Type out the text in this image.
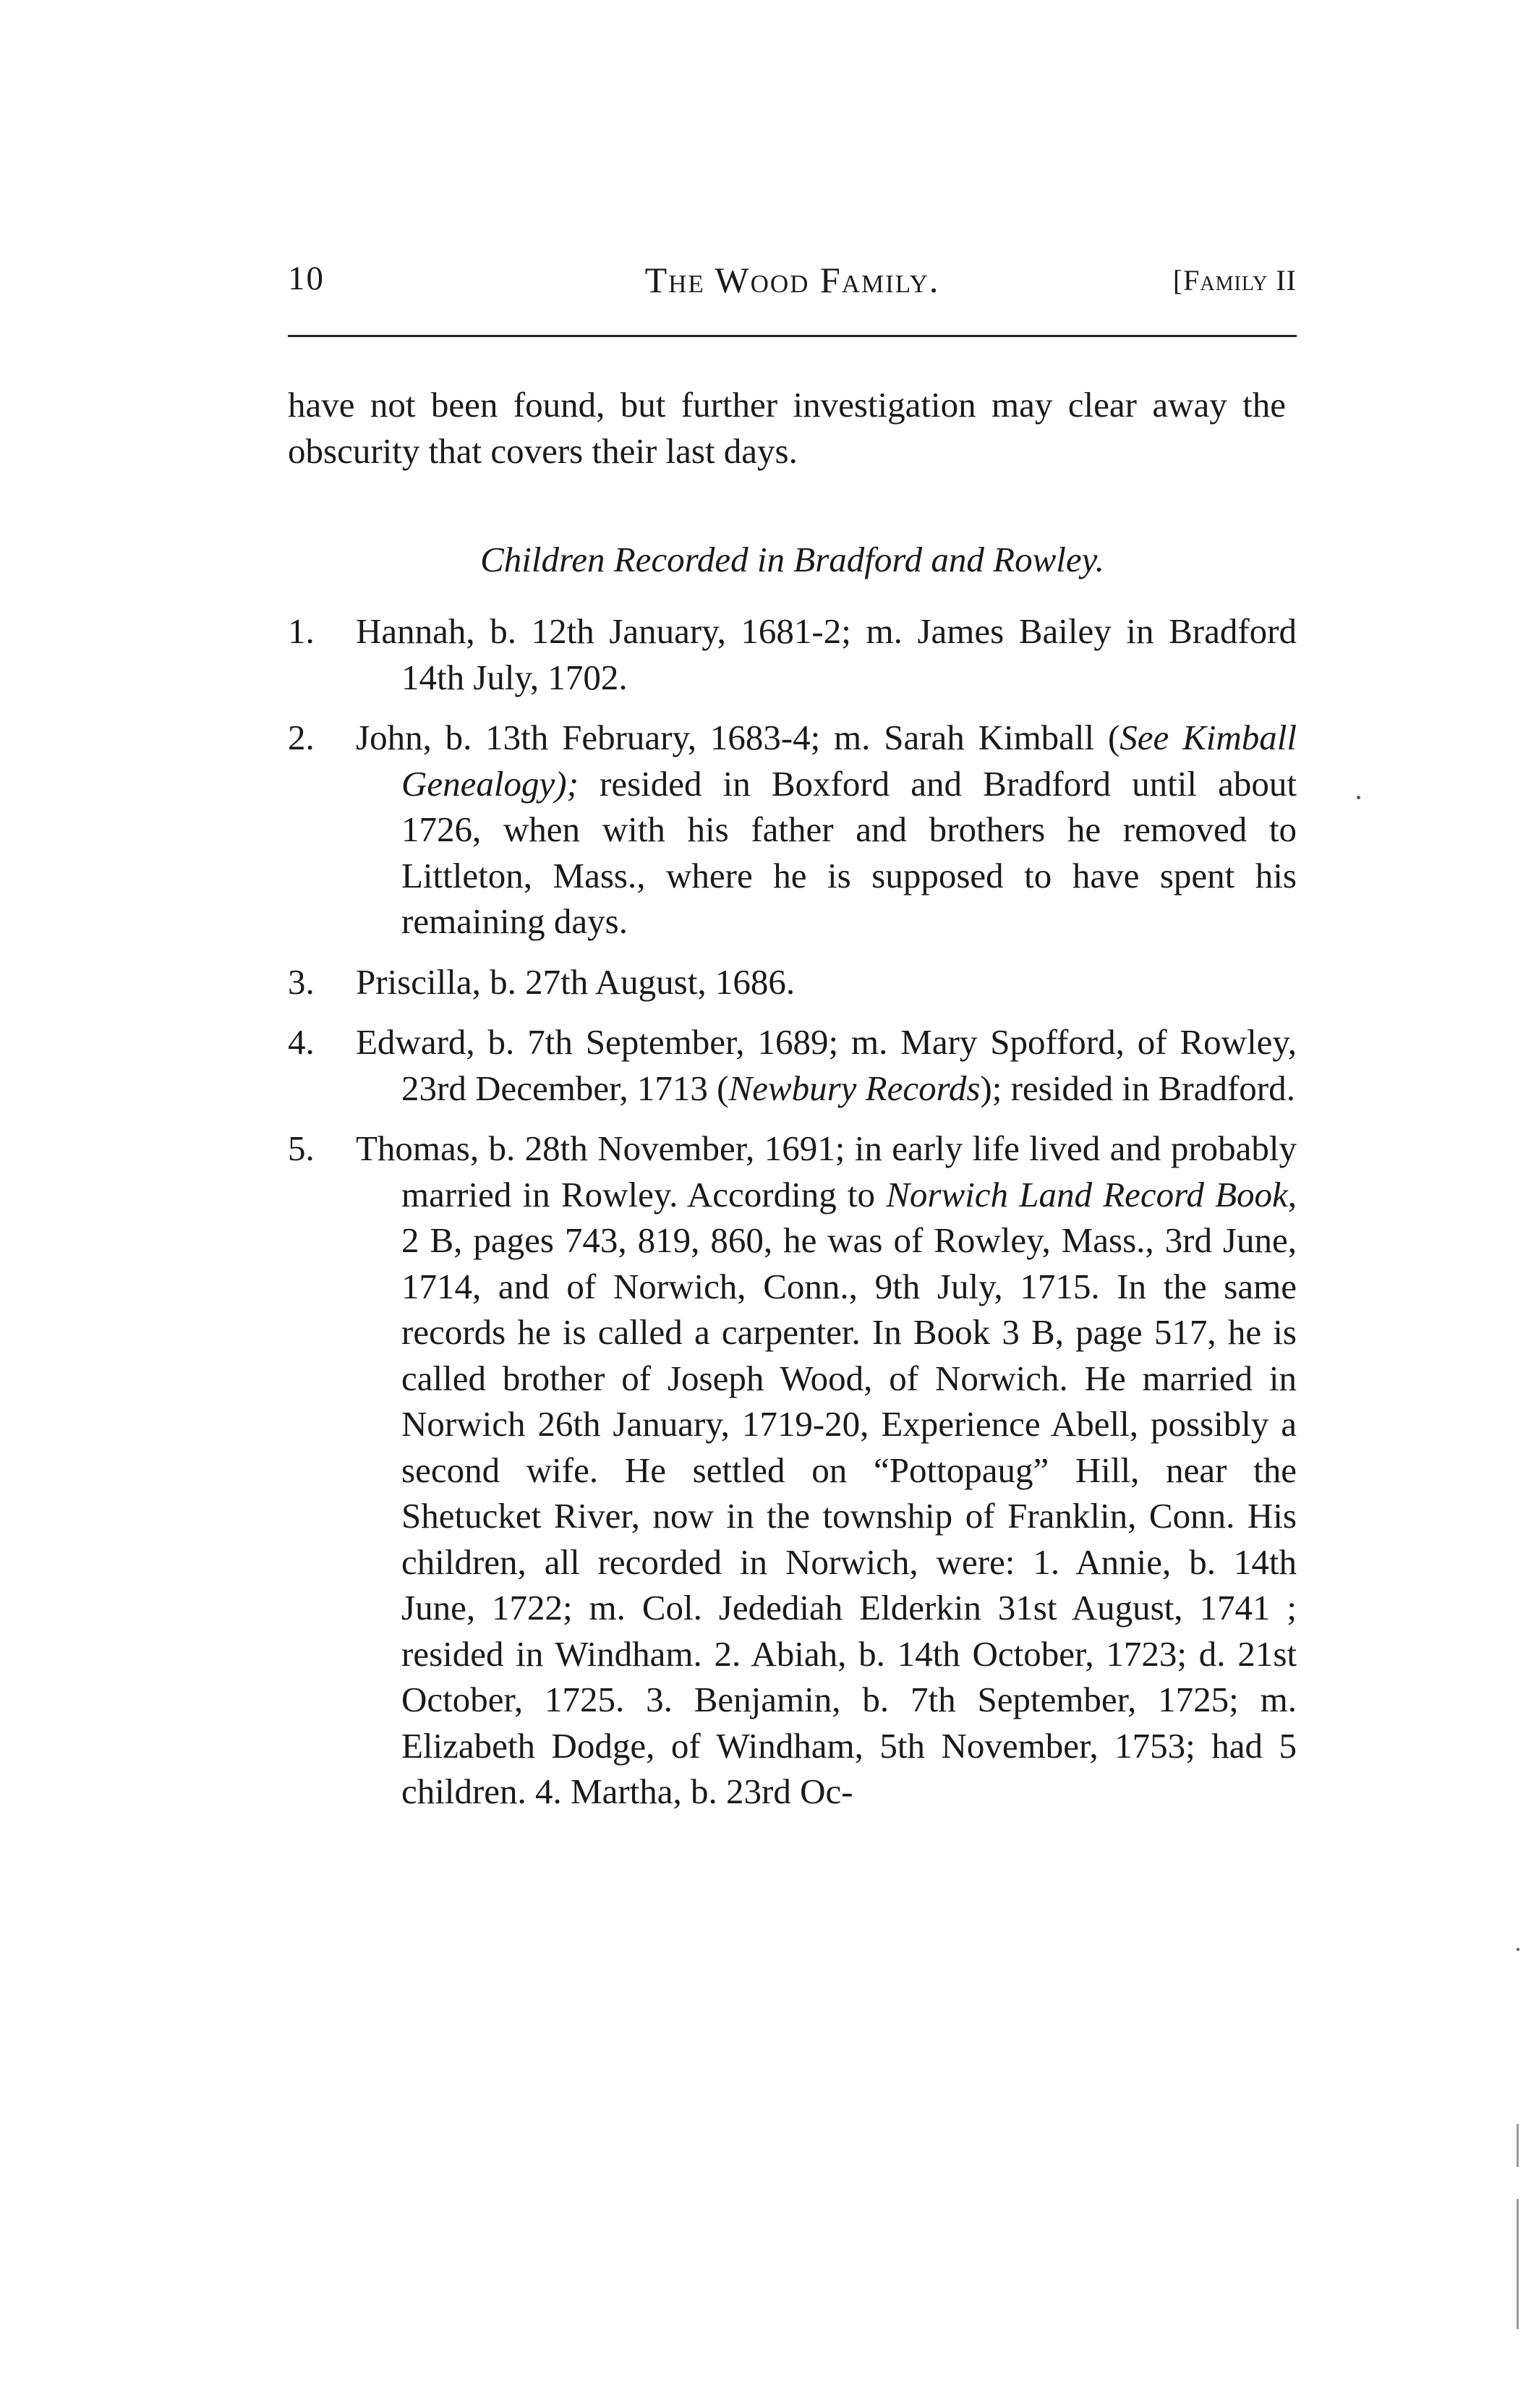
10	The Wood Family.	[Family II

have not been found, but further investigation may clear away the obscurity that covers their last days.

Children Recorded in Bradford and Rowley.
1.	Hannah, b. 12th January, 1681-2; m. James Bailey in Bradford 14th July, 1702.
2.	John, b. 13th February, 1683-4; m. Sarah Kimball (See Kimball Genealogy); resided in Boxford and Bradford until about 1726, when with his father and brothers he removed to Littleton, Mass., where he is supposed to have spent his remaining days.
3.	Priscilla, b. 27th August, 1686.
4.	Edward, b. 7th September, 1689; m. Mary Spofford, of Rowley, 23rd December, 1713 (Newbury Records); resided in Bradford.
5.	Thomas, b. 28th November, 1691; in early life lived and probably married in Rowley. According to Norwich Land Record Book, 2 B, pages 743, 819, 860, he was of Rowley, Mass., 3rd June, 1714, and of Norwich, Conn., 9th July, 1715. In the same records he is called a carpenter. In Book 3 B, page 517, he is called brother of Joseph Wood, of Norwich. He married in Norwich 26th January, 1719-20, Experience Abell, possibly a second wife. He settled on “Pottopaug” Hill, near the Shetucket River, now in the township of Franklin, Conn. His children, all recorded in Norwich, were: 1. Annie, b. 14th June, 1722; m. Col. Jedediah Elderkin 31st August, 1741 ; resided in Windham. 2. Abiah, b. 14th October, 1723; d. 21st October, 1725. 3. Benjamin, b. 7th September, 1725; m. Elizabeth Dodge, of Windham, 5th November, 1753; had 5 children. 4. Martha, b. 23rd Oc-
